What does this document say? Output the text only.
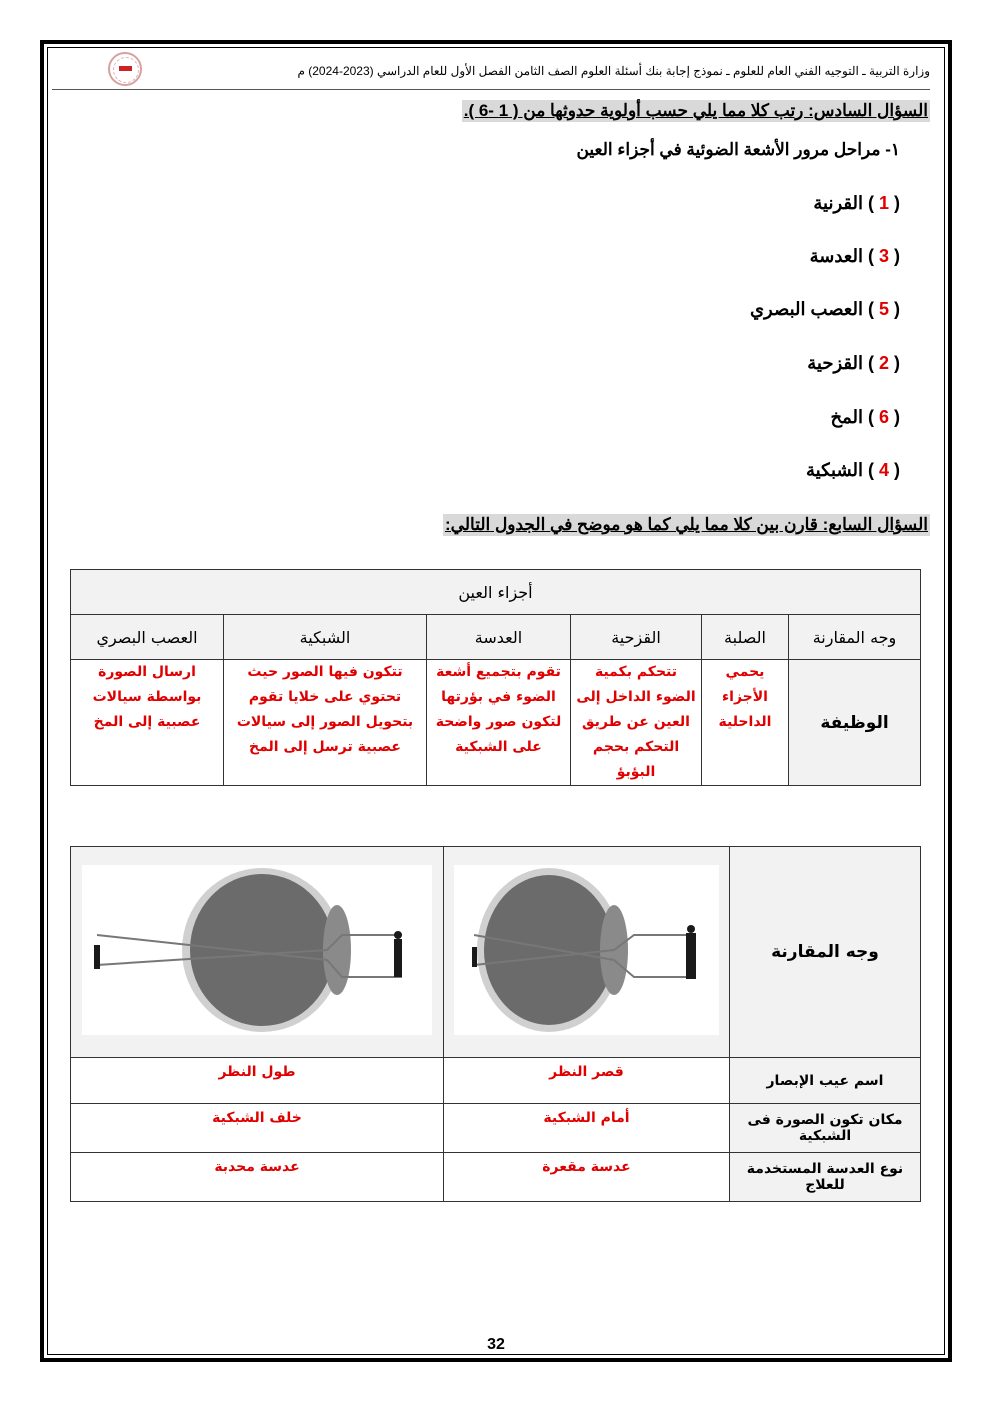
وزارة التربية ـ التوجيه الفني العام للعلوم ـ نموذج إجابة بنك أسئلة العلوم الصف الثامن الفصل الأول للعام الدراسي (2023-2024) م
السؤال السادس: رتب كلا مما يلي حسب أولوية حدوثها من ( 1 -6 ).
١- مراحل مرور الأشعة الضوئية في أجزاء العين
( 1 ) القرنية
( 3 ) العدسة
( 5 ) العصب البصري
( 2 ) القزحية
( 6 ) المخ
( 4 ) الشبكية
السؤال السابع: قارن بين كلا مما يلي كما هو موضح في الجدول التالي:
أجزاء العين					
وجه المقارنة	الصلبة	القزحية	العدسة	الشبكية	العصب البصري
الوظيفة	يحمي الأجزاء الداحلية	تتحكم بكمية الضوء الداخل إلى العين عن طريق التحكم بحجم البؤبؤ	تقوم بتجميع أشعة الضوء في بؤرتها لتكون صور واضحة على الشبكية	تتكون فيها الصور حيث تحتوي على خلايا تقوم بتحويل الصور إلى سيالات عصبية ترسل إلى المخ	ارسال الصورة بواسطة سيالات عصبية إلى المخ
وجه المقارنة		
اسم عيب الإبصار	قصر النظر	طول النظر
مكان تكون الصورة فى الشبكية	أمام الشبكية	خلف الشبكية
نوع العدسة المستخدمة للعلاج	عدسة مقعرة	عدسة محدبة
32
